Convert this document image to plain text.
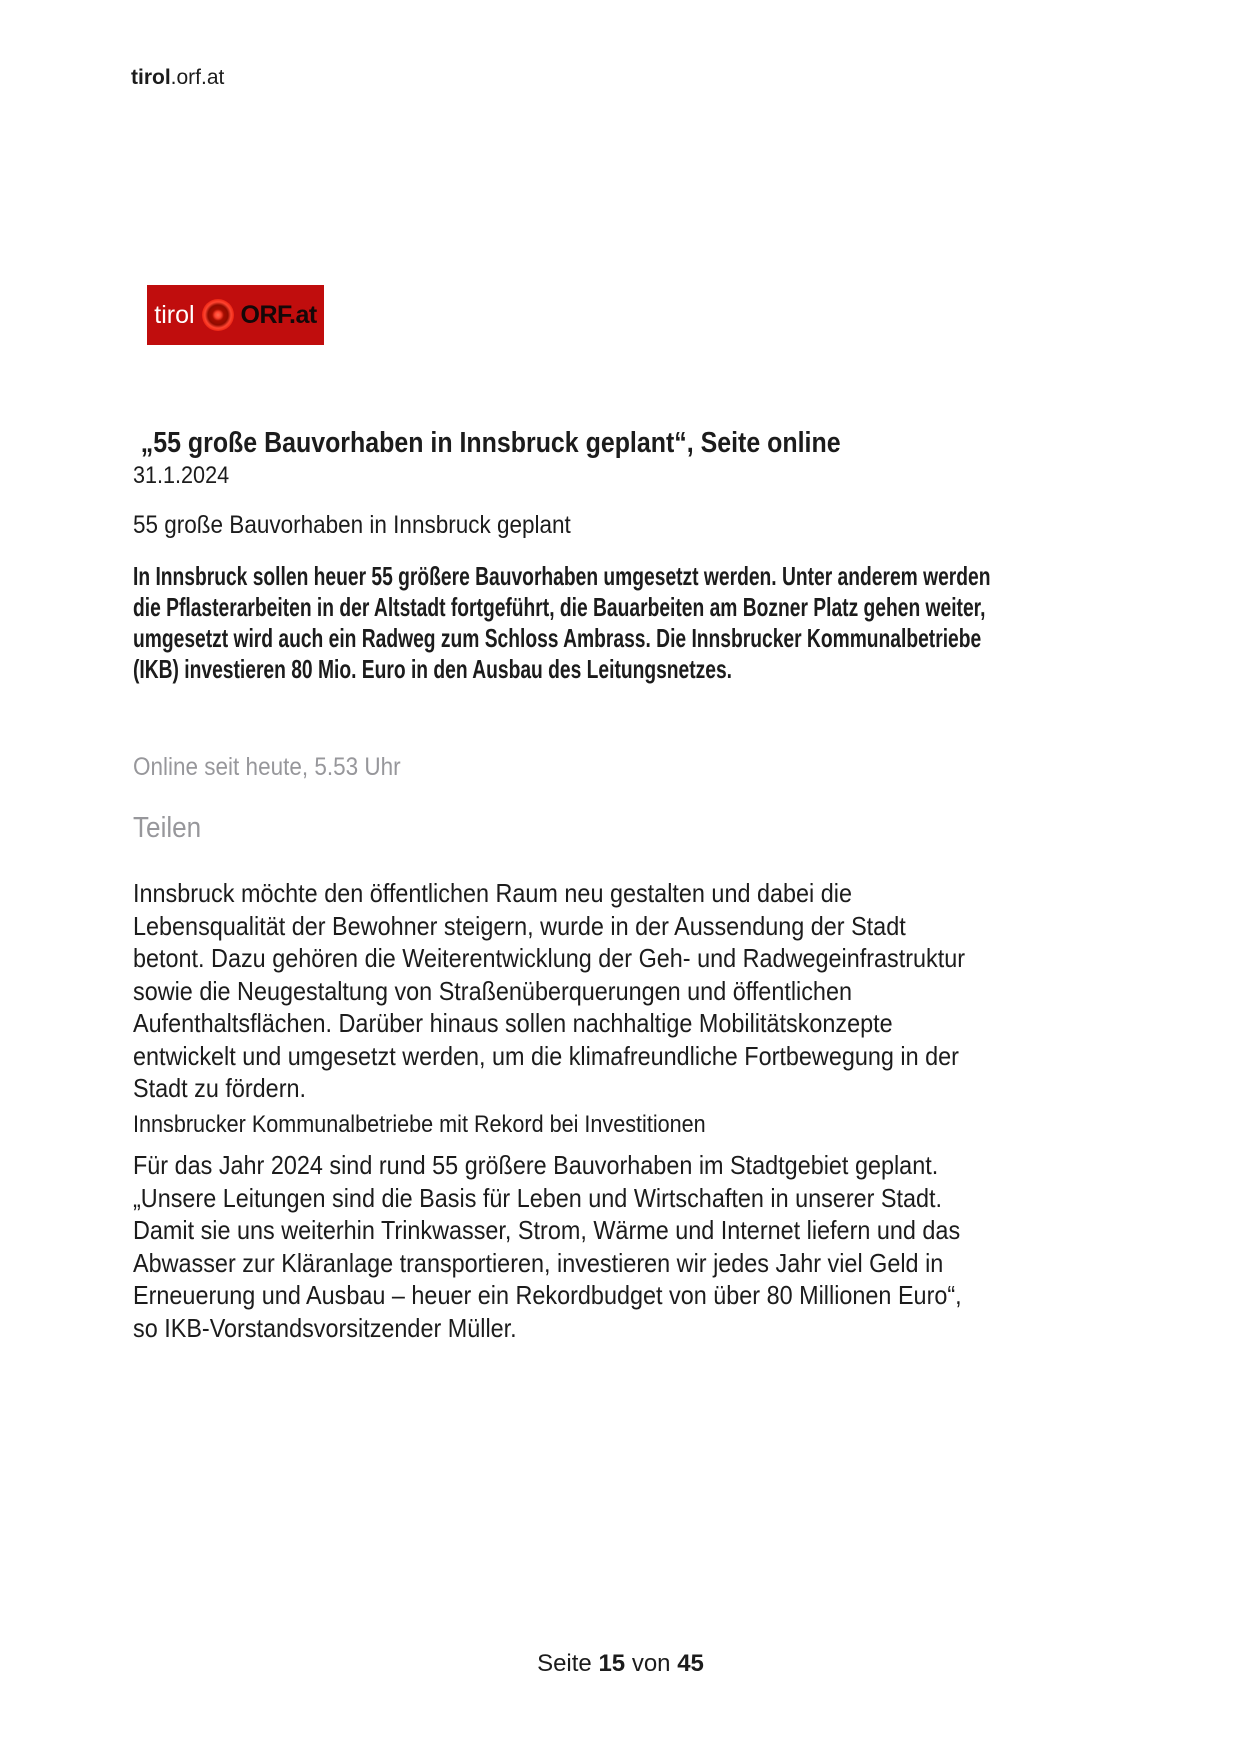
tirol.orf.at
tirol ORF.at
„55 große Bauvorhaben in Innsbruck geplant“, Seite online
31.1.2024
55 große Bauvorhaben in Innsbruck geplant
In Innsbruck sollen heuer 55 größere Bauvorhaben umgesetzt werden. Unter anderem werden die Pflasterarbeiten in der Altstadt fortgeführt, die Bauarbeiten am Bozner Platz gehen weiter, umgesetzt wird auch ein Radweg zum Schloss Ambrass. Die Innsbrucker Kommunalbetriebe (IKB) investieren 80 Mio. Euro in den Ausbau des Leitungsnetzes.
Online seit heute, 5.53 Uhr
Teilen
Innsbruck möchte den öffentlichen Raum neu gestalten und dabei die Lebensqualität der Bewohner steigern, wurde in der Aussendung der Stadt betont. Dazu gehören die Weiterentwicklung der Geh- und Radwegeinfrastruktur sowie die Neugestaltung von Straßenüberquerungen und öffentlichen Aufenthaltsflächen. Darüber hinaus sollen nachhaltige Mobilitätskonzepte entwickelt und umgesetzt werden, um die klimafreundliche Fortbewegung in der Stadt zu fördern.
Innsbrucker Kommunalbetriebe mit Rekord bei Investitionen
Für das Jahr 2024 sind rund 55 größere Bauvorhaben im Stadtgebiet geplant. „Unsere Leitungen sind die Basis für Leben und Wirtschaften in unserer Stadt. Damit sie uns weiterhin Trinkwasser, Strom, Wärme und Internet liefern und das Abwasser zur Kläranlage transportieren, investieren wir jedes Jahr viel Geld in Erneuerung und Ausbau – heuer ein Rekordbudget von über 80 Millionen Euro“, so IKB-Vorstandsvorsitzender Müller.
Seite 15 von 45
